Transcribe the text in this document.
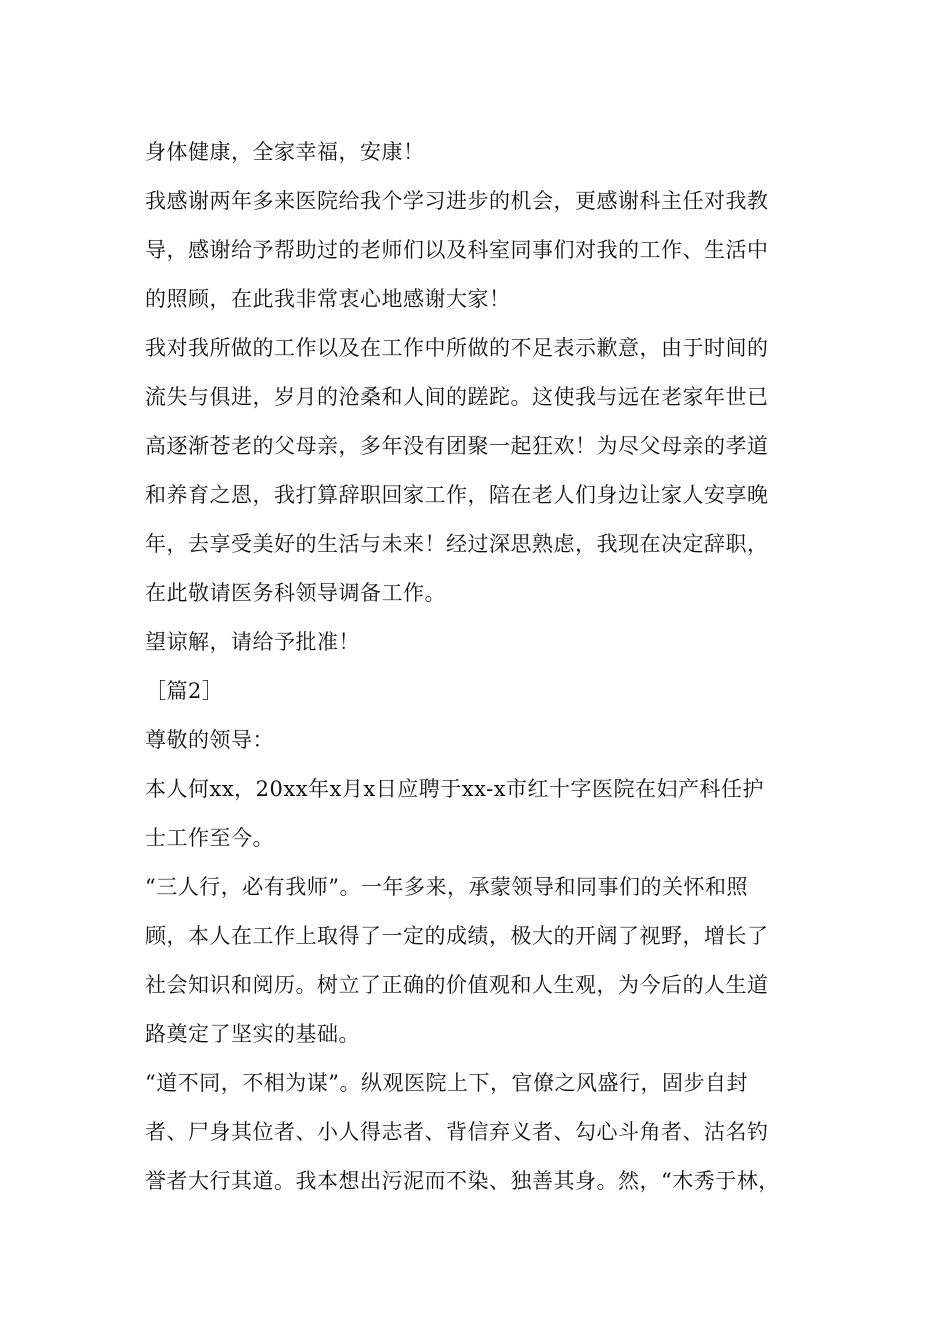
身体健康，全家幸福，安康！
我感谢两年多来医院给我个学习进步的机会，更感谢科主任对我教
导，感谢给予帮助过的老师们以及科室同事们对我的工作、生活中
的照顾，在此我非常衷心地感谢大家！
我对我所做的工作以及在工作中所做的不足表示歉意，由于时间的
流失与俱进，岁月的沧桑和人间的蹉跎。这使我与远在老家年世已
高逐渐苍老的父母亲，多年没有团聚一起狂欢！为尽父母亲的孝道
和养育之恩，我打算辞职回家工作，陪在老人们身边让家人安享晚
年，去享受美好的生活与未来！经过深思熟虑，我现在决定辞职，
在此敬请医务科领导调备工作。
望谅解，请给予批准！
［篇2］
尊敬的领导：
本人何xx，20xx年x月x日应聘于xx-x市红十字医院在妇产科任护
士工作至今。
“三人行，必有我师”。一年多来，承蒙领导和同事们的关怀和照
顾，本人在工作上取得了一定的成绩，极大的开阔了视野，增长了
社会知识和阅历。树立了正确的价值观和人生观，为今后的人生道
路奠定了坚实的基础。
“道不同，不相为谋”。纵观医院上下，官僚之风盛行，固步自封
者、尸身其位者、小人得志者、背信弃义者、勾心斗角者、沽名钓
誉者大行其道。我本想出污泥而不染、独善其身。然，“木秀于林，
